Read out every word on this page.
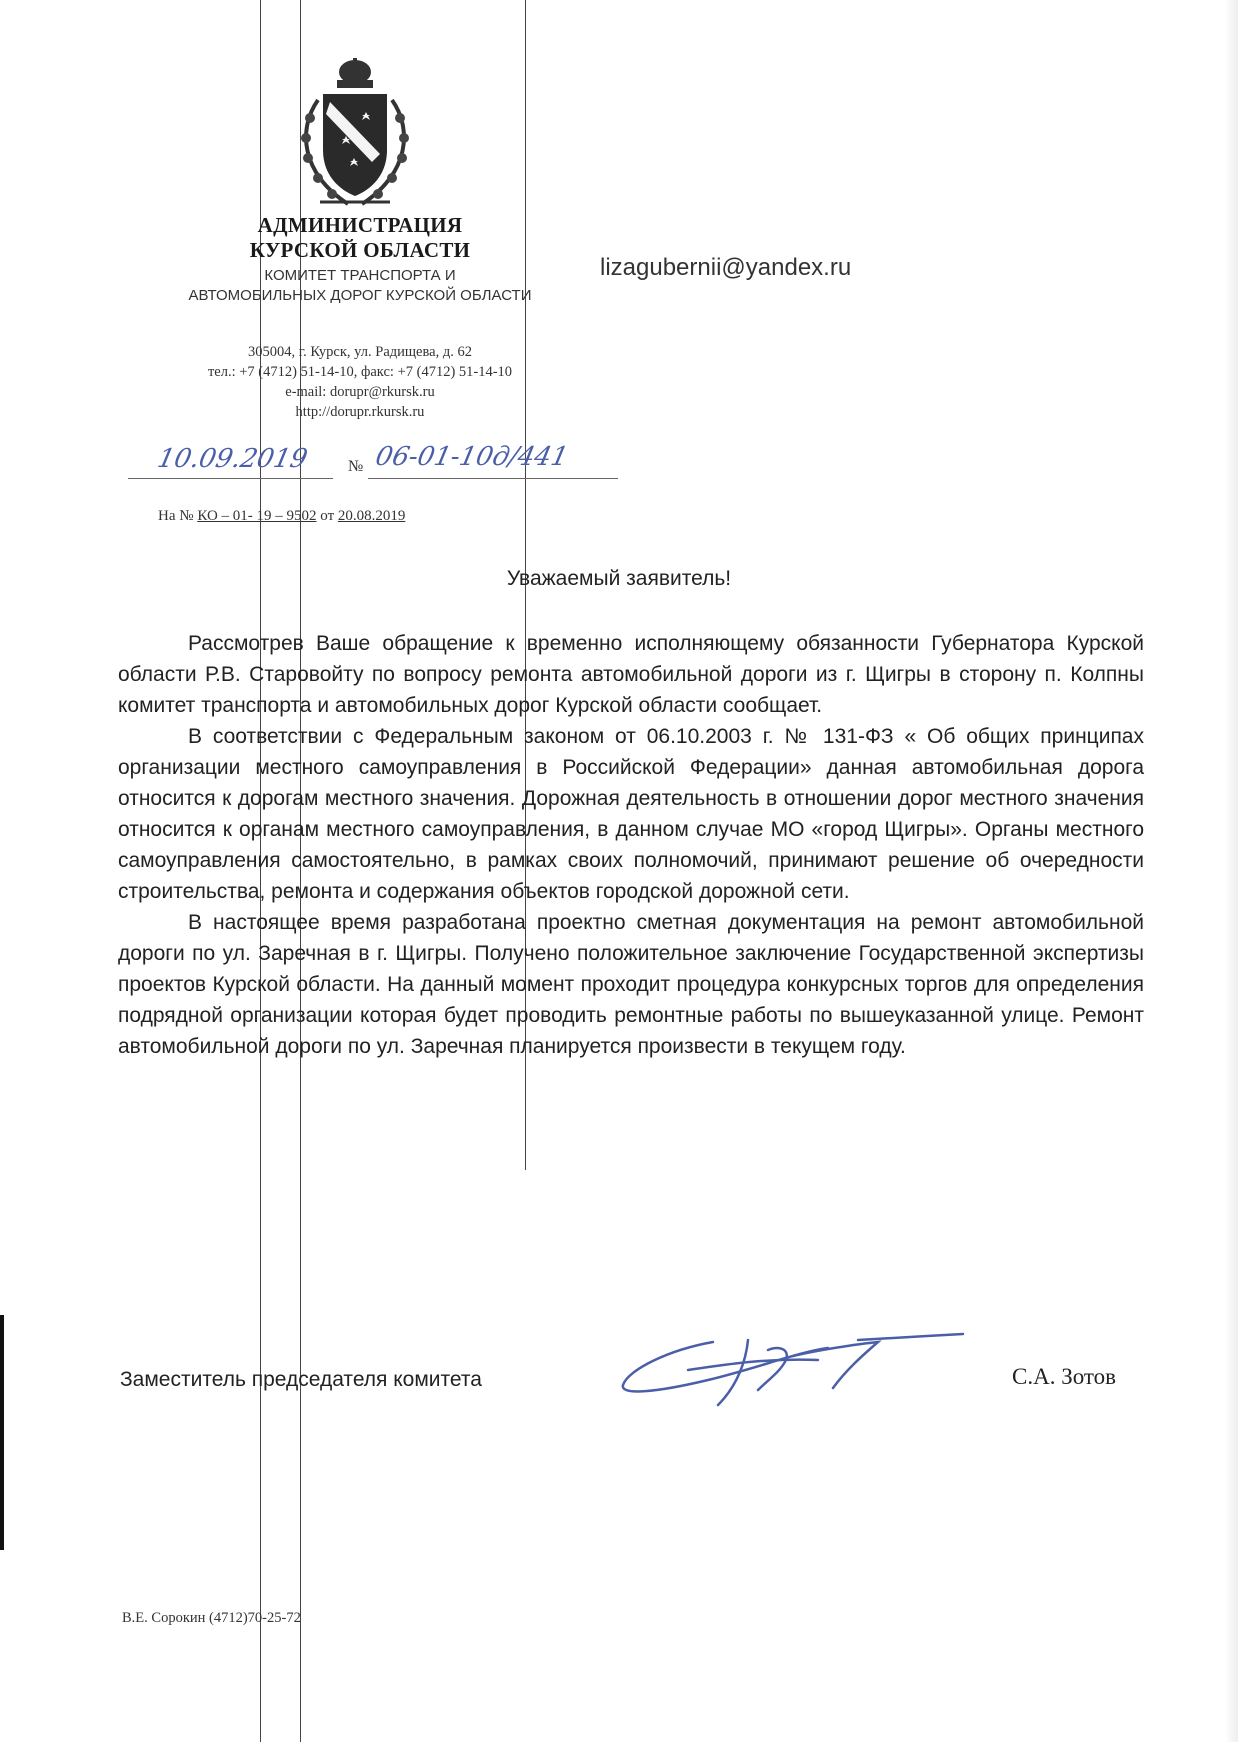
АДМИНИСТРАЦИЯ
КУРСКОЙ ОБЛАСТИ
КОМИТЕТ ТРАНСПОРТА И
АВТОМОБИЛЬНЫХ ДОРОГ КУРСКОЙ ОБЛАСТИ
305004, г. Курск, ул. Радищева, д. 62
тел.: +7 (4712) 51-14-10, факс: +7 (4712) 51-14-10
e-mail: dorupr@rkursk.ru
http://dorupr.rkursk.ru
lizagubernii@yandex.ru
10.09.2019 № 06-01-10д/441
На № КО – 01- 19 – 9502 от 20.08.2019
Уважаемый заявитель!

Рассмотрев Ваше обращение к временно исполняющему обязанности Губернатора Курской области Р.В. Старовойту по вопросу ремонта автомобильной дороги из г. Щигры в сторону п. Колпны комитет транспорта и автомобильных дорог Курской области сообщает.

В соответствии с Федеральным законом от 06.10.2003 г. № 131-ФЗ « Об общих принципах организации местного самоуправления в Российской Федерации» данная автомобильная дорога относится к дорогам местного значения. Дорожная деятельность в отношении дорог местного значения относится к органам местного самоуправления, в данном случае МО «город Щигры». Органы местного самоуправления самостоятельно, в рамках своих полномочий, принимают решение об очередности строительства, ремонта и содержания объектов городской дорожной сети.

В настоящее время разработана проектно сметная документация на ремонт автомобильной дороги по ул. Заречная в г. Щигры. Получено положительное заключение Государственной экспертизы проектов Курской области. На данный момент проходит процедура конкурсных торгов для определения подрядной организации которая будет проводить ремонтные работы по вышеуказанной улице. Ремонт автомобильной дороги по ул. Заречная планируется произвести в текущем году.

Заместитель председателя комитета	С.А. Зотов
В.Е. Сорокин (4712)70-25-72
